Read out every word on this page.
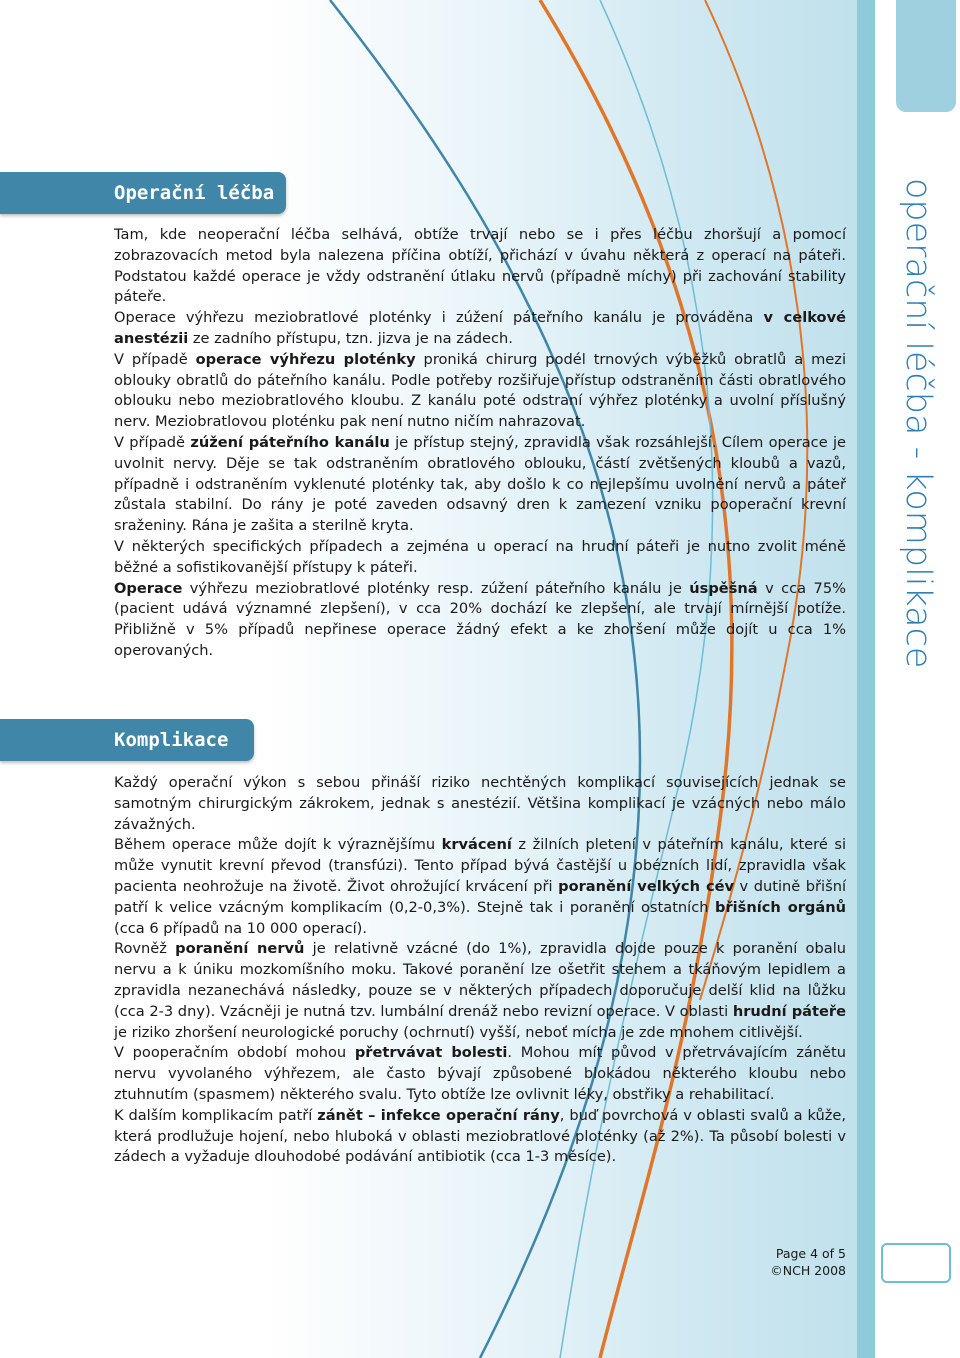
operační léčba - komplikace
Operační léčba

Tam, kde neoperační léčba selhává, obtíže trvají nebo se i přes léčbu zhoršují a pomocí zobrazovacích metod byla nalezena příčina obtíží, přichází v úvahu některá z operací na páteři. Podstatou každé operace je vždy odstranění útlaku nervů (případně míchy) při zachování stability páteře.

Operace výhřezu meziobratlové ploténky i zúžení páteřního kanálu je prováděna v celkové anestézii ze zadního přístupu, tzn. jizva je na zádech.

V případě operace výhřezu ploténky proniká chirurg podél trnových výběžků obratlů a mezi oblouky obratlů do páteřního kanálu. Podle potřeby rozšiřuje přístup odstraněním části obratlového oblouku nebo meziobratlového kloubu. Z kanálu poté odstraní výhřez ploténky a uvolní příslušný nerv. Meziobratlovou ploténku pak není nutno ničím nahrazovat.

V případě zúžení páteřního kanálu je přístup stejný, zpravidla však rozsáhlejší. Cílem operace je uvolnit nervy. Děje se tak odstraněním obratlového oblouku, částí zvětšených kloubů a vazů, případně i odstraněním vyklenuté ploténky tak, aby došlo k co nejlepšímu uvolnění nervů a páteř zůstala stabilní. Do rány je poté zaveden odsavný dren k zamezení vzniku pooperační krevní sraženiny. Rána je zašita a sterilně kryta.

V některých specifických případech a zejména u operací na hrudní páteři je nutno zvolit méně běžné a sofistikovanější přístupy k páteři.

Operace výhřezu meziobratlové ploténky resp. zúžení páteřního kanálu je úspěšná v cca 75% (pacient udává významné zlepšení), v cca 20% dochází ke zlepšení, ale trvají mírnější potíže. Přibližně v 5% případů nepřinese operace žádný efekt a ke zhoršení může dojít u cca 1% operovaných.

Komplikace

Každý operační výkon s sebou přináší riziko nechtěných komplikací souvisejících jednak se samotným chirurgickým zákrokem, jednak s anestézií. Většina komplikací je vzácných nebo málo závažných.

Během operace může dojít k výraznějšímu krvácení z žilních pletení v páteřním kanálu, které si může vynutit krevní převod (transfúzi). Tento případ bývá častější u obézních lidí, zpravidla však pacienta neohrožuje na životě. Život ohrožující krvácení při poranění velkých cév v dutině břišní patří k velice vzácným komplikacím (0,2-0,3%). Stejně tak i poranění ostatních břišních orgánů (cca 6 případů na 10 000 operací).

Rovněž poranění nervů je relativně vzácné (do 1%), zpravidla dojde pouze k poranění obalu nervu a k úniku mozkomíšního moku. Takové poranění lze ošetřit stehem a tkáňovým lepidlem a zpravidla nezanechává následky, pouze se v některých případech doporučuje delší klid na lůžku (cca 2-3 dny). Vzácněji je nutná tzv. lumbální drenáž nebo revizní operace. V oblasti hrudní páteře je riziko zhoršení neurologické poruchy (ochrnutí) vyšší, neboť mícha je zde mnohem citlivější.

V pooperačním období mohou přetrvávat bolesti. Mohou mít původ v přetrvávajícím zánětu nervu vyvolaného výhřezem, ale často bývají způsobené blokádou některého kloubu nebo ztuhnutím (spasmem) některého svalu. Tyto obtíže lze ovlivnit léky, obstřiky a rehabilitací.

K dalším komplikacím patří zánět – infekce operační rány, buď povrchová v oblasti svalů a kůže, která prodlužuje hojení, nebo hluboká v oblasti meziobratlové ploténky (až 2%). Ta působí bolesti v zádech a vyžaduje dlouhodobé podávání antibiotik (cca 1-3 měsíce).

Page 4 of 5
©NCH 2008
